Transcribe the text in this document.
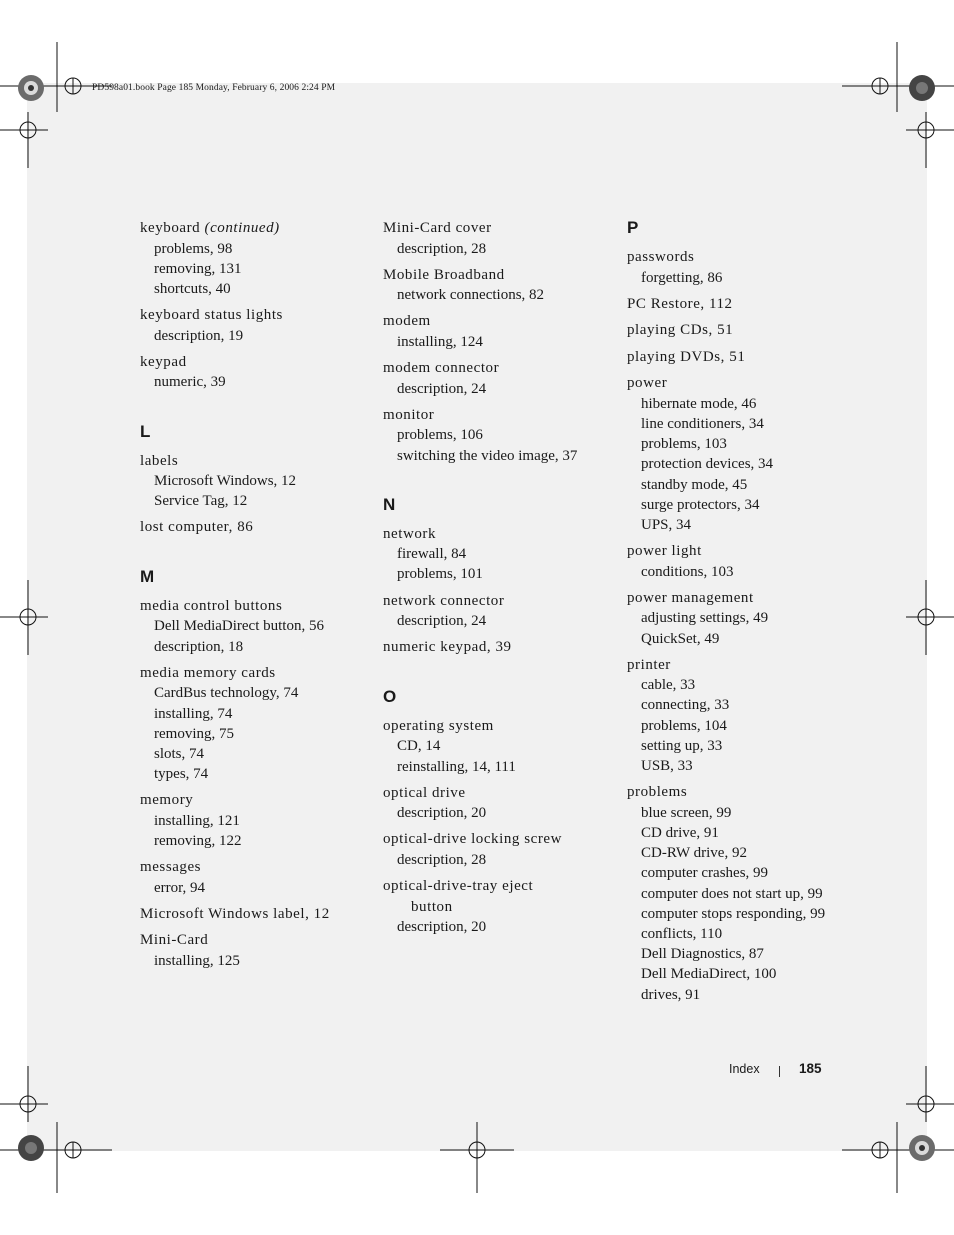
PD598a01.book Page 185 Monday, February 6, 2006 2:24 PM
keyboard (continued)
problems, 98
removing, 131
shortcuts, 40
keyboard status lights
description, 19
keypad
numeric, 39
L
labels
Microsoft Windows, 12
Service Tag, 12
lost computer, 86
M
media control buttons
Dell MediaDirect button, 56
description, 18
media memory cards
CardBus technology, 74
installing, 74
removing, 75
slots, 74
types, 74
memory
installing, 121
removing, 122
messages
error, 94
Microsoft Windows label, 12
Mini-Card
installing, 125
Mini-Card cover
description, 28
Mobile Broadband
network connections, 82
modem
installing, 124
modem connector
description, 24
monitor
problems, 106
switching the video image, 37
N
network
firewall, 84
problems, 101
network connector
description, 24
numeric keypad, 39
O
operating system
CD, 14
reinstalling, 14, 111
optical drive
description, 20
optical-drive locking screw
description, 28
optical-drive-tray eject
button
description, 20
P
passwords
forgetting, 86
PC Restore, 112
playing CDs, 51
playing DVDs, 51
power
hibernate mode, 46
line conditioners, 34
problems, 103
protection devices, 34
standby mode, 45
surge protectors, 34
UPS, 34
power light
conditions, 103
power management
adjusting settings, 49
QuickSet, 49
printer
cable, 33
connecting, 33
problems, 104
setting up, 33
USB, 33
problems
blue screen, 99
CD drive, 91
CD-RW drive, 92
computer crashes, 99
computer does not start up, 99
computer stops responding, 99
conflicts, 110
Dell Diagnostics, 87
Dell MediaDirect, 100
drives, 91
Index	185
